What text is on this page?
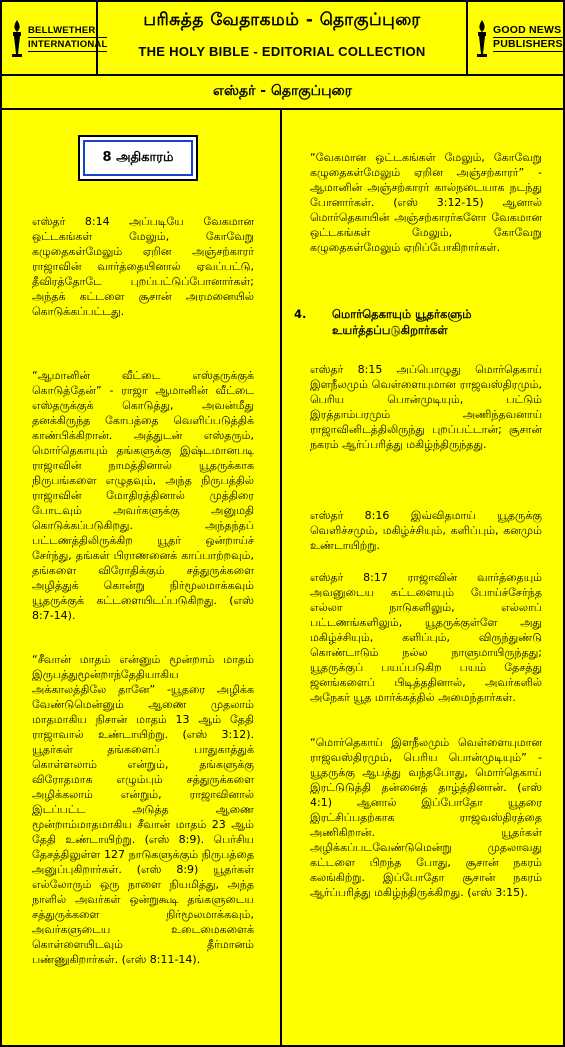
BELLWETHER
INTERNATIONAL
பரிசுத்த வேதாகமம் - தொகுப்புரை
THE HOLY BIBLE - EDITORIAL COLLECTION
GOOD NEWS
PUBLISHERS
எஸ்தர் - தொகுப்புரை
8 அதிகாரம்
எஸ்தர் 8:14 அப்படியே வேகமான ஒட்டகங்கள் மேலும், கோவேறு கழுதைகள்மேலும் ஏறின அஞ்சற்காரர் ராஜாவின் வார்த்தையினால் ஏவப்பட்டு, தீவிரத்தோடே புறப்பட்டுப்போனார்கள்; அந்தக் கட்டளை சூசான் அரமனையில் கொடுக்கப்பட்டது.
“ஆமானின் வீட்டை எஸ்தருக்குக் கொடுத்தேன்” - ராஜா ஆமானின் வீட்டை எஸ்தருக்குக் கொடுத்து, அவன்மீது தனக்கிருந்த கோபத்தை வெளிப்படுத்திக் காண்பிக்கிறான். அத்துடன் எஸ்தரும், மொர்தெகாயும் தங்களுக்கு இஷ்டமானபடி ராஜாவின் நாமத்தினால் யூதருக்காக நிருபங்களை எழுதவும், அந்த நிருபத்தில் ராஜாவின் மோதிரத்தினால் முத்திரை போடவும் அவர்களுக்கு அனுமதி கொடுக்கப்படுகிறது. அந்தந்தப் பட்டணத்திலிருக்கிற யூதர் ஒன்றாய்ச் சேர்ந்து, தங்கள் பிராணனைக் காப்பாற்றவும், தங்களை விரோதிக்கும் சத்துருக்களை அழித்துக் கொன்று நிர்மூலமாக்கவும் யூதருக்குக் கட்டளையிடப்படுகிறது. (எஸ் 8:7-14).
“சீவான் மாதம் என்னும் மூன்றாம் மாதம் இருபத்துமூன்றாந்தேதியாகிய அக்காலத்திலே தானே” -யூதரை அழிக்க வேண்டுமென்னும் ஆணை முதலாம் மாதமாகிய நிசான் மாதம் 13 ஆம் தேதி ராஜாவால் உண்டாயிற்று. (எஸ் 3:12). யூதர்கள் தங்களைப் பாதுகாத்துக் கொள்ளலாம் என்றும், தங்களுக்கு விரோதமாக எழும்பும் சத்துருக்களை அழிக்கலாம் என்றும், ராஜாவினால் இடப்பட்ட அடுத்த ஆணை மூன்றாம்மாதமாகிய சீவான் மாதம் 23 ஆம் தேதி உண்டாயிற்று. (எஸ் 8:9). பெர்சிய தேசத்திலுள்ள 127 நாடுகளுக்கும் நிருபத்தை அனுப்புகிறார்கள். (எஸ் 8:9) யூதர்கள் எல்லோரும் ஒரு நாளை நியமித்து, அந்த நாளில் அவர்கள் ஒன்றுகூடி தங்களுடைய சத்துருக்களை நிர்மூலமாக்கவும், அவர்களுடைய உடைமைகளைக் கொள்ளையிடவும் தீர்மானம் பண்ணுகிறார்கள். (எஸ் 8:11-14).
“வேகமான ஒட்டகங்கள் மேலும், கோவேறு கழுதைகள்மேலும் ஏறின அஞ்சற்காரர்” - ஆமானின் அஞ்சற்காரர் கால்நடையாக நடந்து போனார்கள். (எஸ் 3:12-15) ஆனால் மொர்தெகாயின் அஞ்சற்காரர்களோ வேகமான ஒட்டகங்கள் மேலும், கோவேறு கழுதைகள்மேலும் ஏறிப்போகிறார்கள்.
4. மொர்தெகாயும் யூதர்களும்
உயர்த்தப்படுகிறார்கள்
எஸ்தர் 8:15 அப்பொழுது மொர்தெகாய் இளநீலமும் வெள்ளையுமான ராஜவஸ்திரமும், பெரிய பொன்முடியும், பட்டும் இரத்தாம்பரமும் அணிந்தவனாய் ராஜாவினிடத்திலிருந்து புறப்பட்டான்; சூசான் நகரம் ஆர்ப்பரித்து மகிழ்ந்திருந்தது.
எஸ்தர் 8:16 இவ்விதமாய் யூதருக்கு வெளிச்சமும், மகிழ்ச்சியும், களிப்பும், கனமும் உண்டாயிற்று.
எஸ்தர் 8:17 ராஜாவின் வார்த்தையும் அவனுடைய கட்டளையும் போய்ச்சேர்ந்த எல்லா நாடுகளிலும், எல்லாப் பட்டணங்களிலும், யூதருக்குள்ளே அது மகிழ்ச்சியும், களிப்பும், விருந்துண்டு கொண்டாடும் நல்ல நாளுமாயிருந்தது; யூதருக்குப் பயப்படுகிற பயம் தேசத்து ஜனங்களைப் பிடித்ததினால், அவர்களில் அநேகர் யூத மார்க்கத்தில் அமைந்தார்கள்.
“மொர்தெகாய் இளநீலமும் வெள்ளையுமான ராஜவஸ்திரமும், பெரிய பொன்முடியும்” - யூதருக்கு ஆபத்து வந்தபோது, மொர்தெகாய் இரட்டுடுத்தி தன்னைத் தாழ்த்தினான். (எஸ் 4:1) ஆனால் இப்போதோ யூதரை இரட்சிப்பதற்காக ராஜவஸ்திரத்தை அணிகிறான். யூதர்கள் அழிக்கப்படவேண்டுமென்று முதலாவது கட்டளை பிறந்த போது, சூசான் நகரம் கலங்கிற்று. இப்போதோ சூசான் நகரம் ஆர்ப்பரித்து மகிழ்ந்திருக்கிறது. (எஸ் 3:15).
